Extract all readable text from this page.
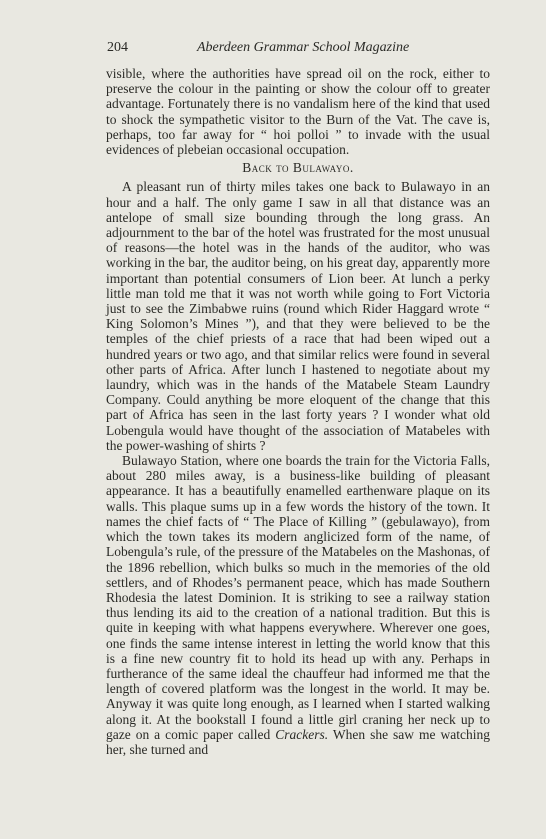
204	Aberdeen Grammar School Magazine

visible, where the authorities have spread oil on the rock, either to preserve the colour in the painting or show the colour off to greater advantage. Fortunately there is no vandalism here of the kind that used to shock the sympathetic visitor to the Burn of the Vat. The cave is, perhaps, too far away for “ hoi polloi ” to invade with the usual evidences of plebeian occasional occupation.

Back to Bulawayo.

A pleasant run of thirty miles takes one back to Bulawayo in an hour and a half. The only game I saw in all that distance was an antelope of small size bounding through the long grass. An adjournment to the bar of the hotel was frustrated for the most unusual of reasons—the hotel was in the hands of the auditor, who was working in the bar, the auditor being, on his great day, apparently more important than potential consumers of Lion beer. At lunch a perky little man told me that it was not worth while going to Fort Victoria just to see the Zimbabwe ruins (round which Rider Haggard wrote “ King Solomon’s Mines ”), and that they were believed to be the temples of the chief priests of a race that had been wiped out a hundred years or two ago, and that similar relics were found in several other parts of Africa. After lunch I hastened to negotiate about my laundry, which was in the hands of the Matabele Steam Laundry Company. Could anything be more eloquent of the change that this part of Africa has seen in the last forty years ? I wonder what old Lobengula would have thought of the association of Matabeles with the power-washing of shirts ?

Bulawayo Station, where one boards the train for the Victoria Falls, about 280 miles away, is a business-like building of pleasant appearance. It has a beautifully enamelled earthenware plaque on its walls. This plaque sums up in a few words the history of the town. It names the chief facts of “ The Place of Killing ” (gebulawayo), from which the town takes its modern anglicized form of the name, of Lobengula’s rule, of the pressure of the Matabeles on the Mashonas, of the 1896 rebellion, which bulks so much in the memories of the old settlers, and of Rhodes’s permanent peace, which has made Southern Rhodesia the latest Dominion. It is striking to see a railway station thus lending its aid to the creation of a national tradition. But this is quite in keeping with what happens everywhere. Wherever one goes, one finds the same intense interest in letting the world know that this is a fine new country fit to hold its head up with any. Perhaps in furtherance of the same ideal the chauffeur had informed me that the length of covered platform was the longest in the world. It may be. Anyway it was quite long enough, as I learned when I started walking along it. At the bookstall I found a little girl craning her neck up to gaze on a comic paper called Crackers. When she saw me watching her, she turned and
